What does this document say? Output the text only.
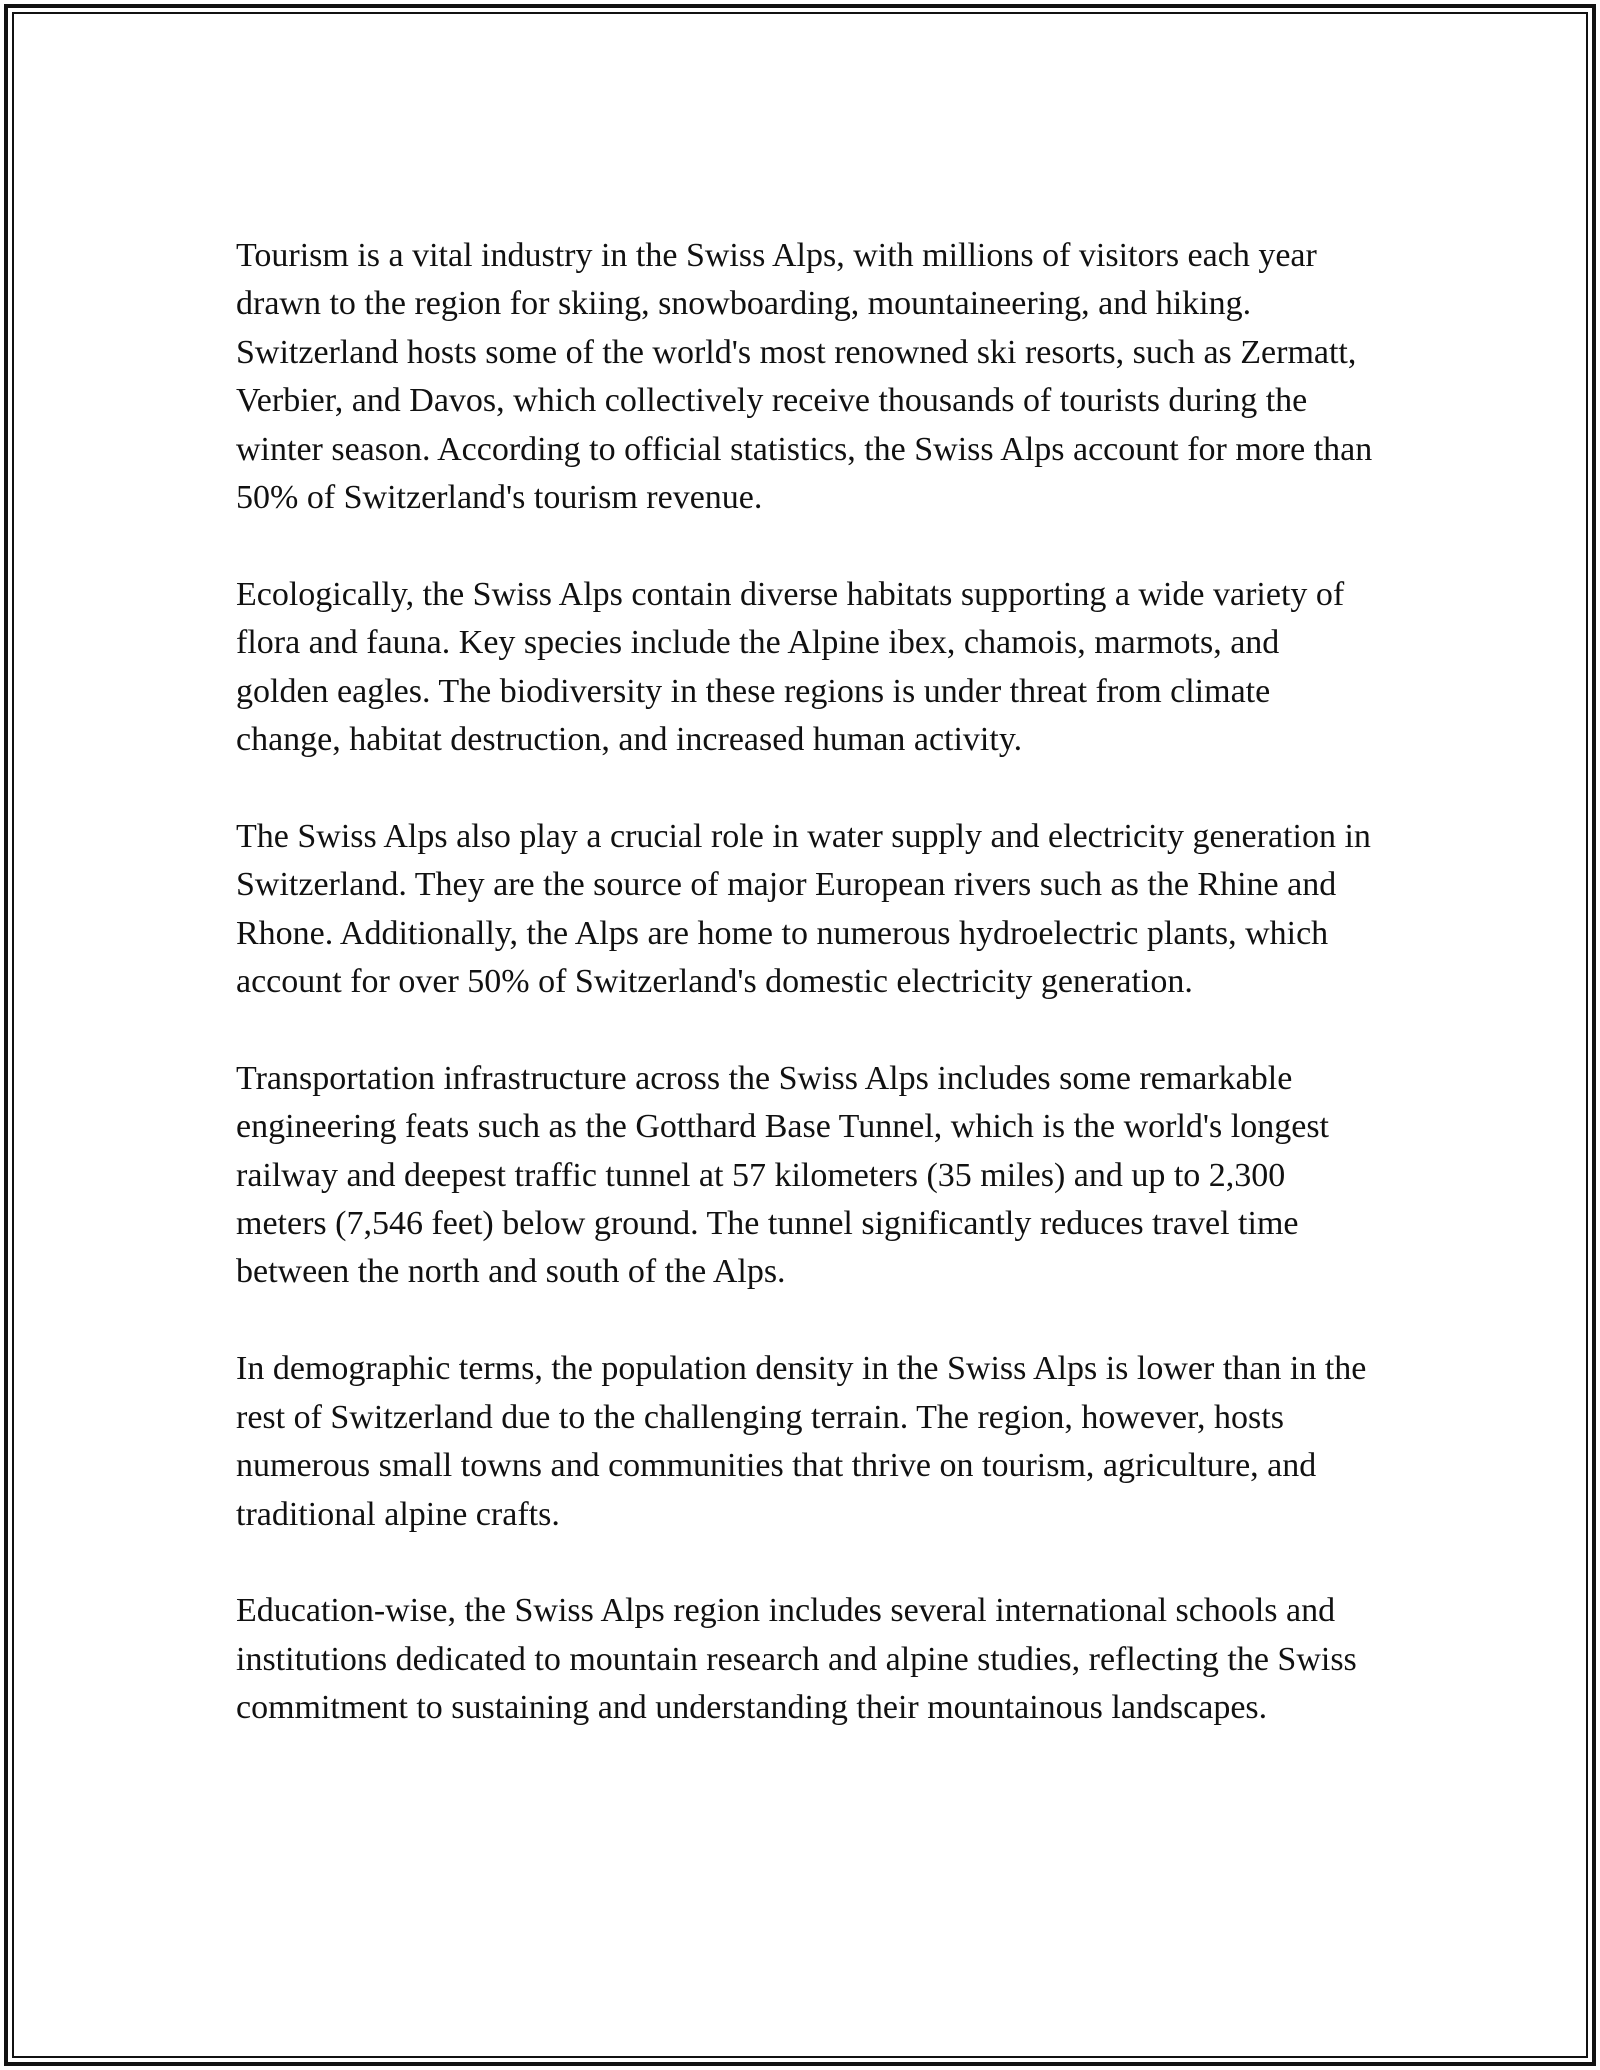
Tourism is a vital industry in the Swiss Alps, with millions of visitors each year drawn to the region for skiing, snowboarding, mountaineering, and hiking. Switzerland hosts some of the world's most renowned ski resorts, such as Zermatt, Verbier, and Davos, which collectively receive thousands of tourists during the winter season. According to official statistics, the Swiss Alps account for more than 50% of Switzerland's tourism revenue.

Ecologically, the Swiss Alps contain diverse habitats supporting a wide variety of flora and fauna. Key species include the Alpine ibex, chamois, marmots, and golden eagles. The biodiversity in these regions is under threat from climate change, habitat destruction, and increased human activity.

The Swiss Alps also play a crucial role in water supply and electricity generation in Switzerland. They are the source of major European rivers such as the Rhine and Rhone. Additionally, the Alps are home to numerous hydroelectric plants, which account for over 50% of Switzerland's domestic electricity generation.

Transportation infrastructure across the Swiss Alps includes some remarkable engineering feats such as the Gotthard Base Tunnel, which is the world's longest railway and deepest traffic tunnel at 57 kilometers (35 miles) and up to 2,300 meters (7,546 feet) below ground. The tunnel significantly reduces travel time between the north and south of the Alps.

In demographic terms, the population density in the Swiss Alps is lower than in the rest of Switzerland due to the challenging terrain. The region, however, hosts numerous small towns and communities that thrive on tourism, agriculture, and traditional alpine crafts.

Education-wise, the Swiss Alps region includes several international schools and institutions dedicated to mountain research and alpine studies, reflecting the Swiss commitment to sustaining and understanding their mountainous landscapes.
